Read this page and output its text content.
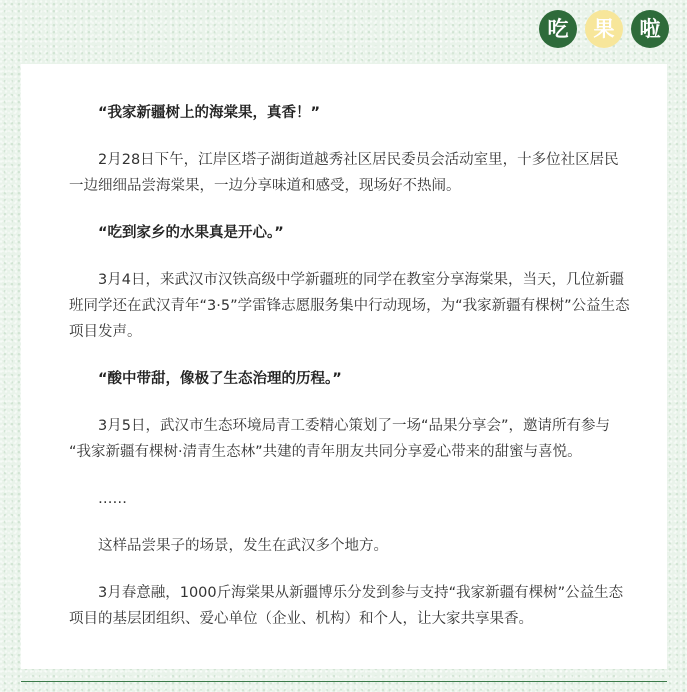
吃	果	啦

“我家新疆树上的海棠果，真香！”

2月28日下午，江岸区塔子湖街道越秀社区居民委员会活动室里，十多位社区居民
一边细细品尝海棠果，一边分享味道和感受，现场好不热闹。

“吃到家乡的水果真是开心。”

3月4日，来武汉市汉铁高级中学新疆班的同学在教室分享海棠果，当天，几位新疆
班同学还在武汉青年“3·5”学雷锋志愿服务集中行动现场，为“我家新疆有棵树”公益生态
项目发声。

“酸中带甜，像极了生态治理的历程。”

3月5日，武汉市生态环境局青工委精心策划了一场“品果分享会”，邀请所有参与
“我家新疆有棵树·清青生态林”共建的青年朋友共同分享爱心带来的甜蜜与喜悦。

……

这样品尝果子的场景，发生在武汉多个地方。

3月春意融，1000斤海棠果从新疆博乐分发到参与支持“我家新疆有棵树”公益生态
项目的基层团组织、爱心单位（企业、机构）和个人，让大家共享果香。
